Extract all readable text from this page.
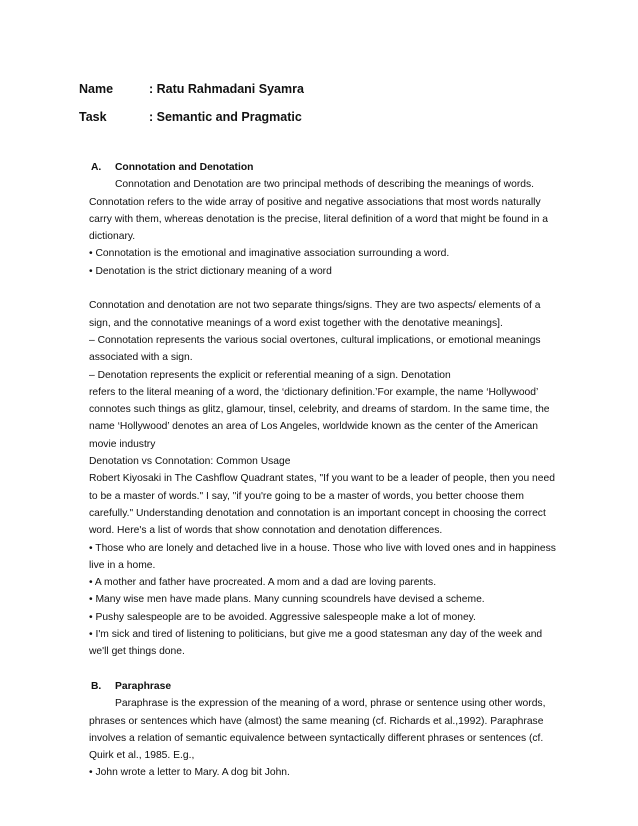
Name	: Ratu Rahmadani Syamra
Task	: Semantic and Pragmatic

A. Connotation and Denotation

Connotation and Denotation are two principal methods of describing the meanings of words. Connotation refers to the wide array of positive and negative associations that most words naturally carry with them, whereas denotation is the precise, literal definition of a word that might be found in a dictionary.

• Connotation is the emotional and imaginative association surrounding a word.

• Denotation is the strict dictionary meaning of a word

Connotation and denotation are not two separate things/signs. They are two aspects/ elements of a sign, and the connotative meanings of a word exist together with the denotative meanings].

– Connotation represents the various social overtones, cultural implications, or emotional meanings associated with a sign.

– Denotation represents the explicit or referential meaning of a sign. Denotation

refers to the literal meaning of a word, the ‘dictionary definition.’For example, the name ‘Hollywood’ connotes such things as glitz, glamour, tinsel, celebrity, and dreams of stardom. In the same time, the name ‘Hollywood’ denotes an area of Los Angeles, worldwide known as the center of the American movie industry

Denotation vs Connotation: Common Usage

Robert Kiyosaki in The Cashflow Quadrant states, "If you want to be a leader of people, then you need to be a master of words." I say, "if you're going to be a master of words, you better choose them carefully." Understanding denotation and connotation is an important concept in choosing the correct word. Here's a list of words that show connotation and denotation differences.

• Those who are lonely and detached live in a house. Those who live with loved ones and in happiness live in a home.

• A mother and father have procreated. A mom and a dad are loving parents.

• Many wise men have made plans. Many cunning scoundrels have devised a scheme.

• Pushy salespeople are to be avoided. Aggressive salespeople make a lot of money.

• I'm sick and tired of listening to politicians, but give me a good statesman any day of the week and we'll get things done.

B. Paraphrase

Paraphrase is the expression of the meaning of a word, phrase or sentence using other words, phrases or sentences which have (almost) the same meaning (cf. Richards et al.,1992). Paraphrase involves a relation of semantic equivalence between syntactically different phrases or sentences (cf. Quirk et al., 1985. E.g.,

• John wrote a letter to Mary. A dog bit John.
